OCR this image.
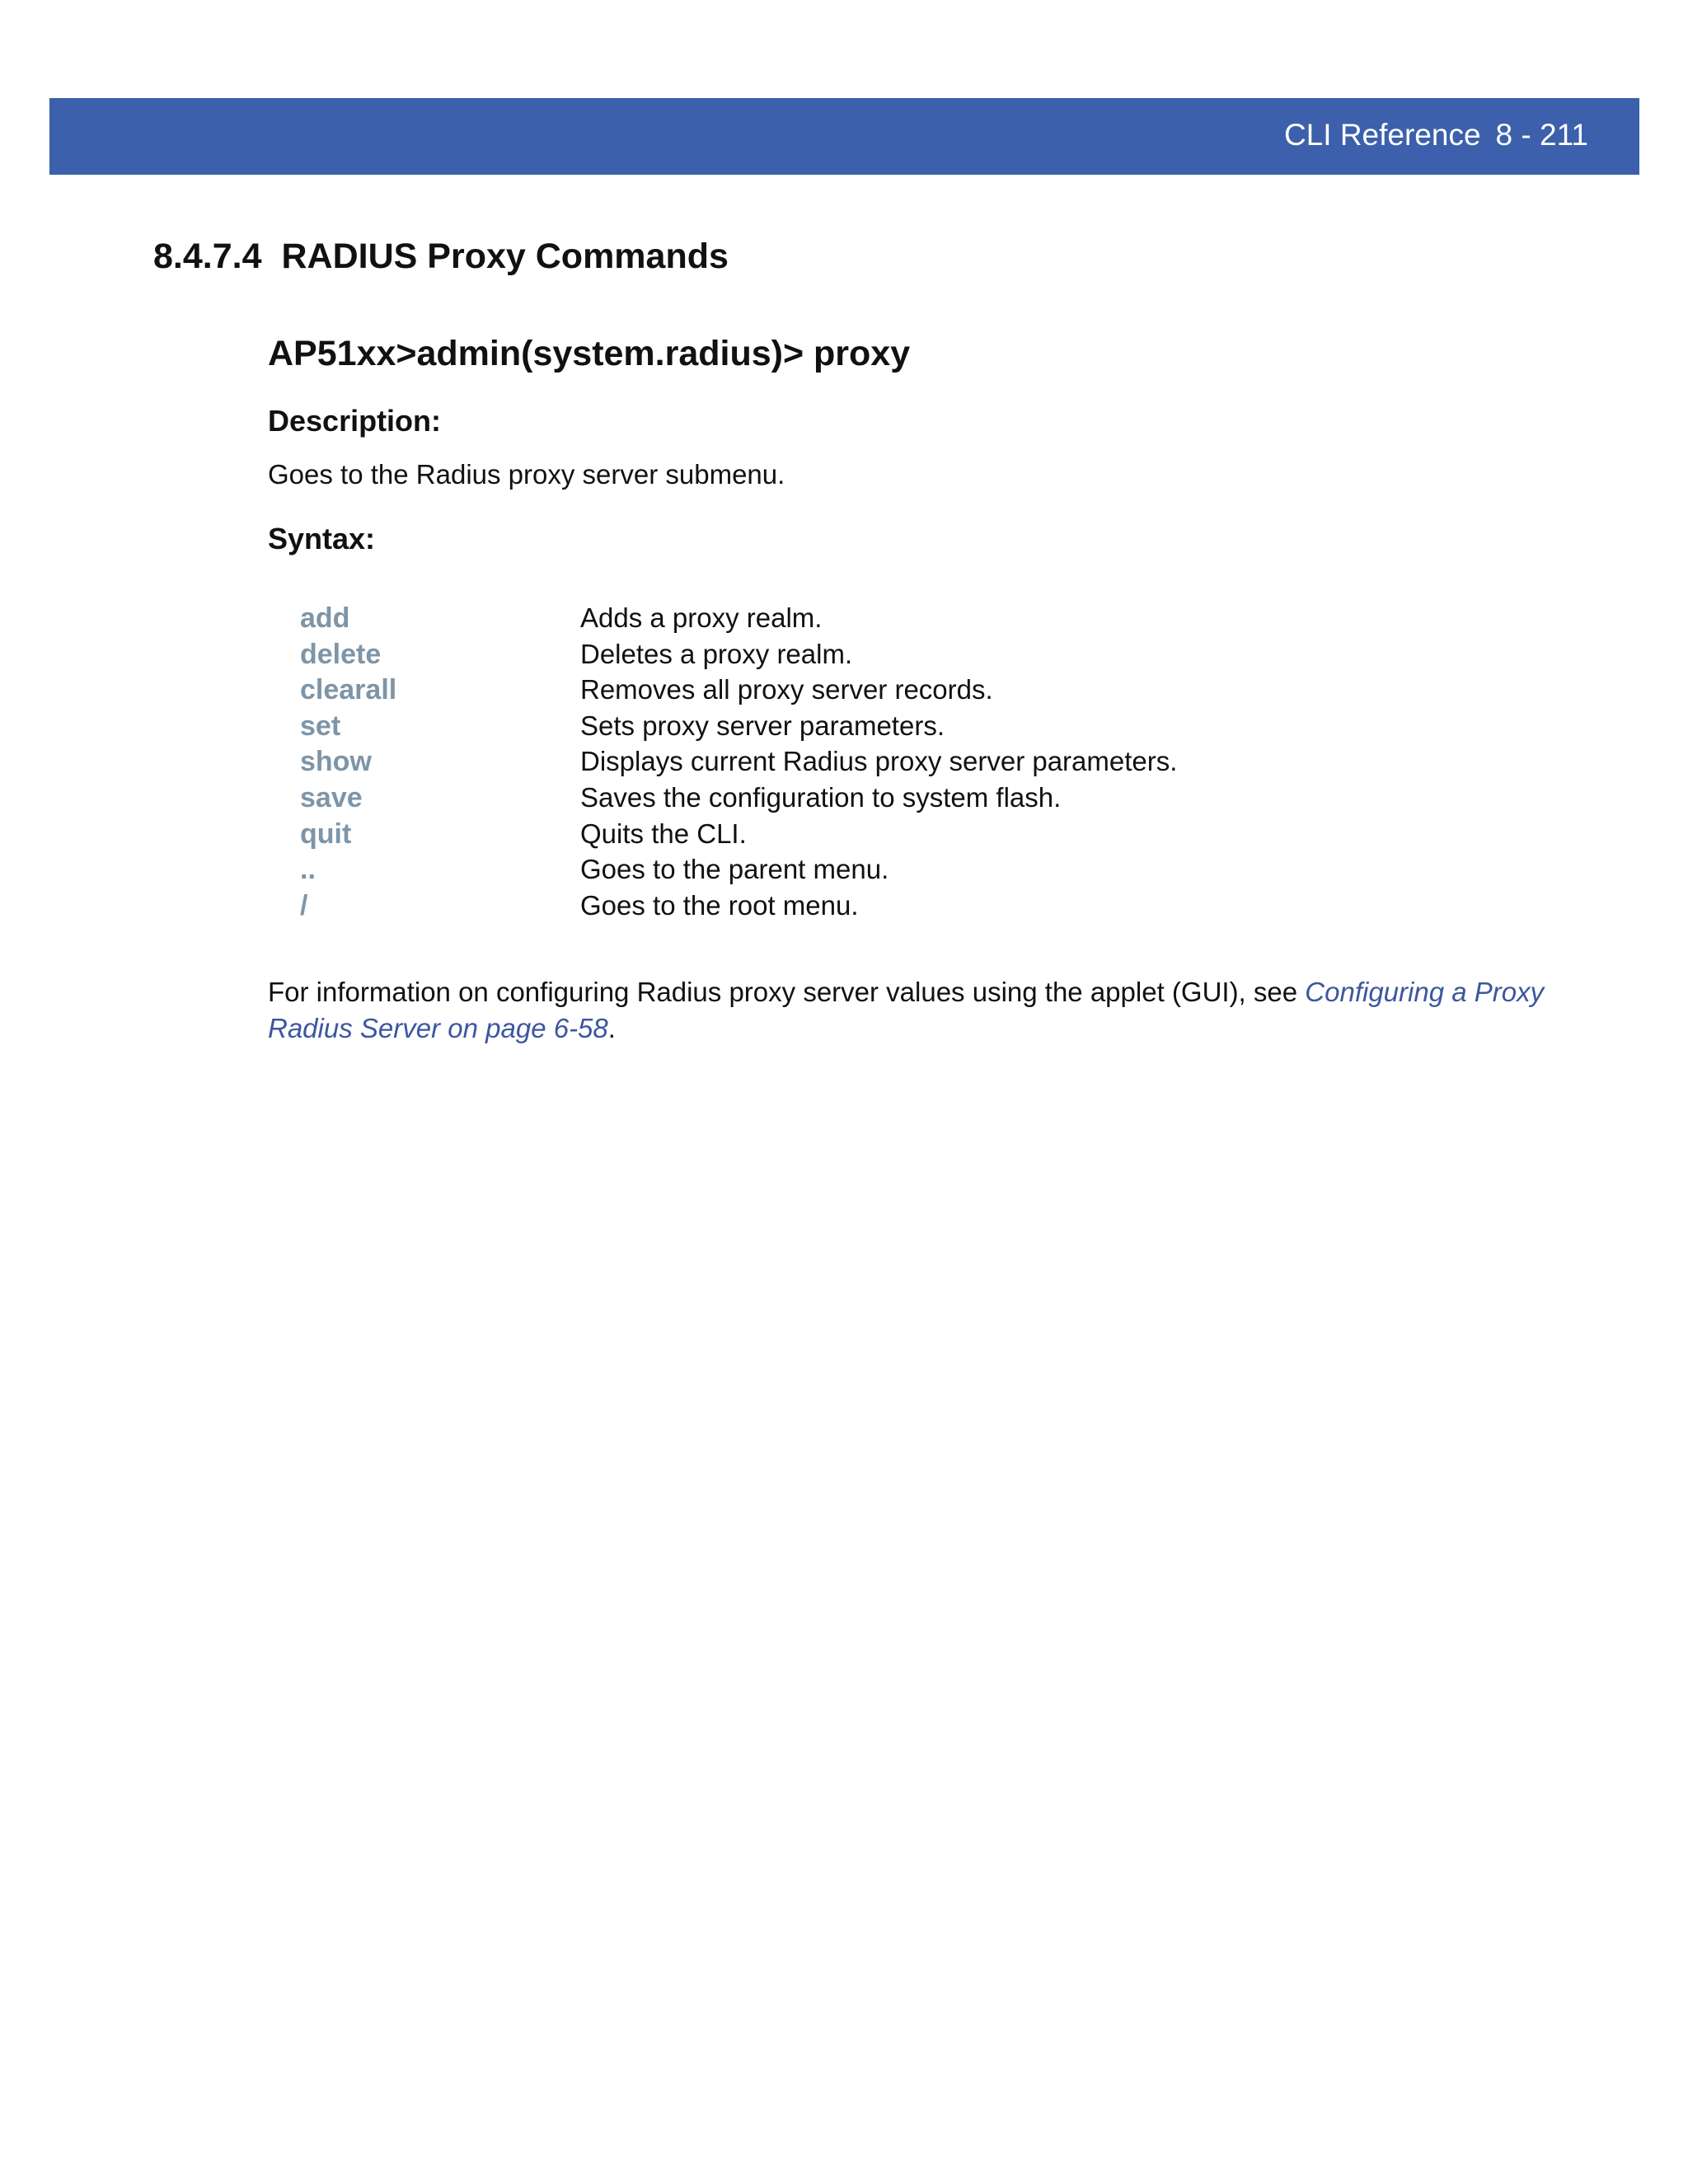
CLI Reference 8 - 211
8.4.7.4 RADIUS Proxy Commands
AP51xx>admin(system.radius)> proxy
Description:
Goes to the Radius proxy server submenu.
Syntax:
add	Adds a proxy realm.
delete	Deletes a proxy realm.
clearall	Removes all proxy server records.
set	Sets proxy server parameters.
show	Displays current Radius proxy server parameters.
save	Saves the configuration to system flash.
quit	Quits the CLI.
..	Goes to the parent menu.
/	Goes to the root menu.
For information on configuring Radius proxy server values using the applet (GUI), see Configuring a Proxy Radius Server on page 6-58.
